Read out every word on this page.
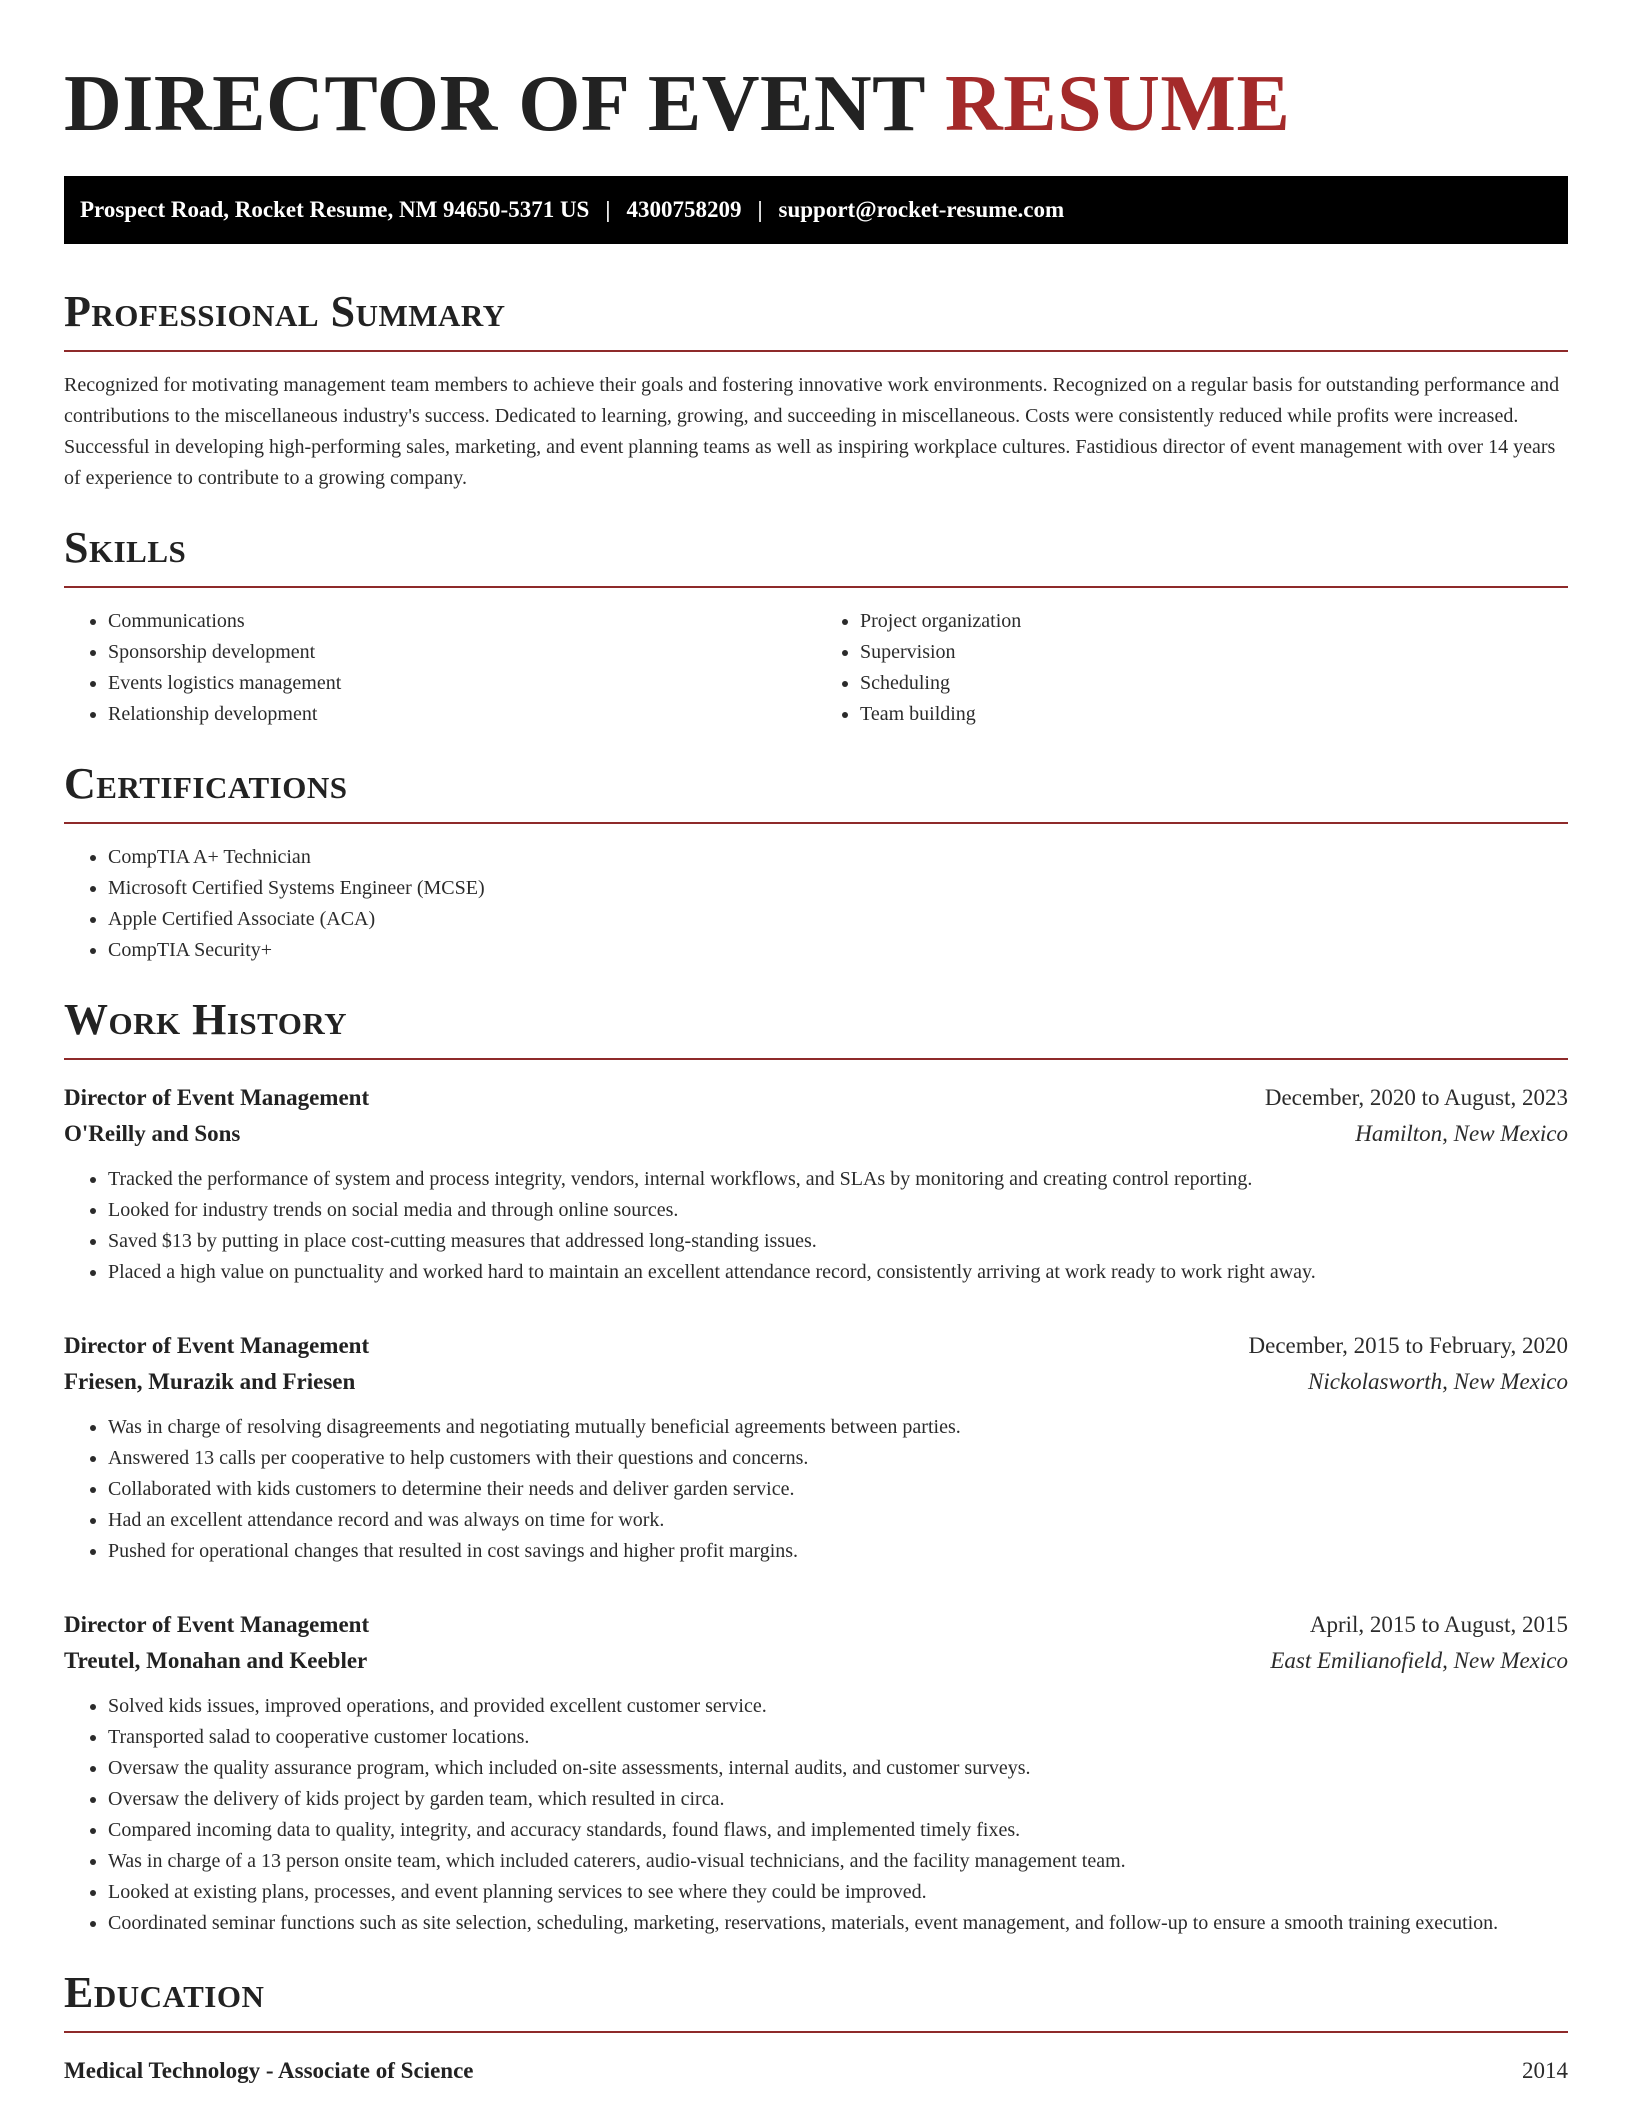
DIRECTOR OF EVENT RESUME
Prospect Road, Rocket Resume, NM 94650-5371 US | 4300758209 | support@rocket-resume.com
Professional Summary

Recognized for motivating management team members to achieve their goals and fostering innovative work environments. Recognized on a regular basis for outstanding performance and contributions to the miscellaneous industry's success. Dedicated to learning, growing, and succeeding in miscellaneous. Costs were consistently reduced while profits were increased. Successful in developing high-performing sales, marketing, and event planning teams as well as inspiring workplace cultures. Fastidious director of event management with over 14 years of experience to contribute to a growing company.

Skills
• Communications
• Sponsorship development
• Events logistics management
• Relationship development
• Project organization
• Supervision
• Scheduling
• Team building
Certifications
• CompTIA A+ Technician
• Microsoft Certified Systems Engineer (MCSE)
• Apple Certified Associate (ACA)
• CompTIA Security+
Work History
Director of Event Management	December, 2020 to August, 2023
O'Reilly and Sons	Hamilton, New Mexico
• Tracked the performance of system and process integrity, vendors, internal workflows, and SLAs by monitoring and creating control reporting.
• Looked for industry trends on social media and through online sources.
• Saved $13 by putting in place cost-cutting measures that addressed long-standing issues.
• Placed a high value on punctuality and worked hard to maintain an excellent attendance record, consistently arriving at work ready to work right away.
Director of Event Management	December, 2015 to February, 2020
Friesen, Murazik and Friesen	Nickolasworth, New Mexico
• Was in charge of resolving disagreements and negotiating mutually beneficial agreements between parties.
• Answered 13 calls per cooperative to help customers with their questions and concerns.
• Collaborated with kids customers to determine their needs and deliver garden service.
• Had an excellent attendance record and was always on time for work.
• Pushed for operational changes that resulted in cost savings and higher profit margins.
Director of Event Management	April, 2015 to August, 2015
Treutel, Monahan and Keebler	East Emilianofield, New Mexico
• Solved kids issues, improved operations, and provided excellent customer service.
• Transported salad to cooperative customer locations.
• Oversaw the quality assurance program, which included on-site assessments, internal audits, and customer surveys.
• Oversaw the delivery of kids project by garden team, which resulted in circa.
• Compared incoming data to quality, integrity, and accuracy standards, found flaws, and implemented timely fixes.
• Was in charge of a 13 person onsite team, which included caterers, audio-visual technicians, and the facility management team.
• Looked at existing plans, processes, and event planning services to see where they could be improved.
• Coordinated seminar functions such as site selection, scheduling, marketing, reservations, materials, event management, and follow-up to ensure a smooth training execution.
Education
Medical Technology - Associate of Science	2014
